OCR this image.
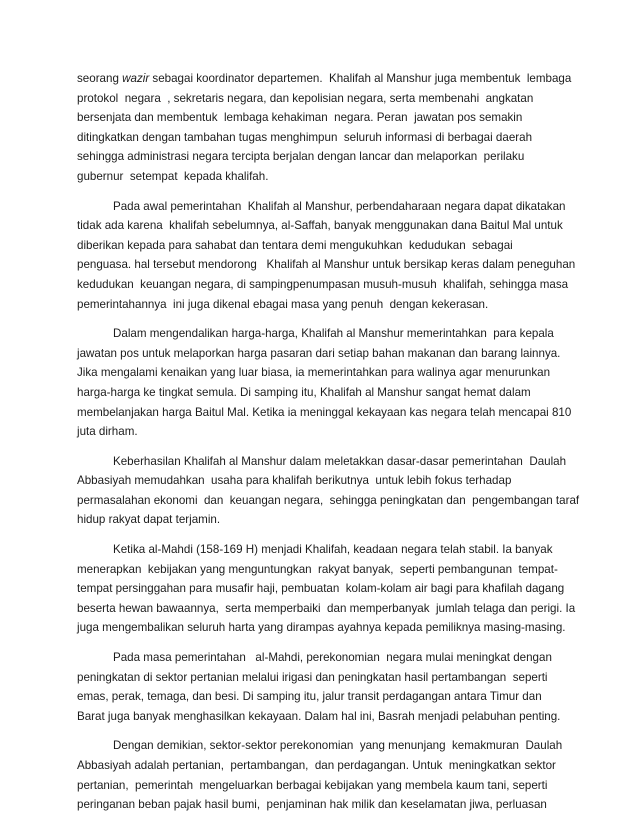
seorang wazir sebagai koordinator departemen.  Khalifah al Manshur juga membentuk  lembaga
protokol  negara  , sekretaris negara, dan kepolisian negara, serta membenahi  angkatan
bersenjata dan membentuk  lembaga kehakiman  negara. Peran  jawatan pos semakin
ditingkatkan dengan tambahan tugas menghimpun  seluruh informasi di berbagai daerah
sehingga administrasi negara tercipta berjalan dengan lancar dan melaporkan  perilaku
gubernur  setempat  kepada khalifah.
Pada awal pemerintahan  Khalifah al Manshur, perbendaharaan negara dapat dikatakan
tidak ada karena  khalifah sebelumnya, al-Saffah, banyak menggunakan dana Baitul Mal untuk
diberikan kepada para sahabat dan tentara demi mengukuhkan  kedudukan  sebagai
penguasa. hal tersebut mendorong   Khalifah al Manshur untuk bersikap keras dalam peneguhan
kedudukan  keuangan negara, di sampingpenumpasan musuh-musuh  khalifah, sehingga masa
pemerintahannya  ini juga dikenal ebagai masa yang penuh  dengan kekerasan.
Dalam mengendalikan harga-harga, Khalifah al Manshur memerintahkan  para kepala
jawatan pos untuk melaporkan harga pasaran dari setiap bahan makanan dan barang lainnya.
Jika mengalami kenaikan yang luar biasa, ia memerintahkan para walinya agar menurunkan
harga-harga ke tingkat semula. Di samping itu, Khalifah al Manshur sangat hemat dalam
membelanjakan harga Baitul Mal. Ketika ia meninggal kekayaan kas negara telah mencapai 810
juta dirham.
Keberhasilan Khalifah al Manshur dalam meletakkan dasar-dasar pemerintahan  Daulah
Abbasiyah memudahkan  usaha para khalifah berikutnya  untuk lebih fokus terhadap
permasalahan ekonomi  dan  keuangan negara,  sehingga peningkatan dan  pengembangan taraf
hidup rakyat dapat terjamin.
Ketika al-Mahdi (158-169 H) menjadi Khalifah, keadaan negara telah stabil. Ia banyak
menerapkan  kebijakan yang menguntungkan  rakyat banyak,  seperti pembangunan  tempat-
tempat persinggahan para musafir haji, pembuatan  kolam-kolam air bagi para khafilah dagang
beserta hewan bawaannya,  serta memperbaiki  dan memperbanyak  jumlah telaga dan perigi. Ia
juga mengembalikan seluruh harta yang dirampas ayahnya kepada pemiliknya masing-masing.
Pada masa pemerintahan   al-Mahdi, perekonomian  negara mulai meningkat dengan
peningkatan di sektor pertanian melalui irigasi dan peningkatan hasil pertambangan  seperti
emas, perak, temaga, dan besi. Di samping itu, jalur transit perdagangan antara Timur dan
Barat juga banyak menghasilkan kekayaan. Dalam hal ini, Basrah menjadi pelabuhan penting.
Dengan demikian, sektor-sektor perekonomian  yang menunjang  kemakmuran  Daulah
Abbasiyah adalah pertanian,  pertambangan,  dan perdagangan. Untuk  meningkatkan sektor
pertanian,  pemerintah  mengeluarkan berbagai kebijakan yang membela kaum tani, seperti
peringanan beban pajak hasil bumi,  penjaminan hak milik dan keselamatan jiwa, perluasan
